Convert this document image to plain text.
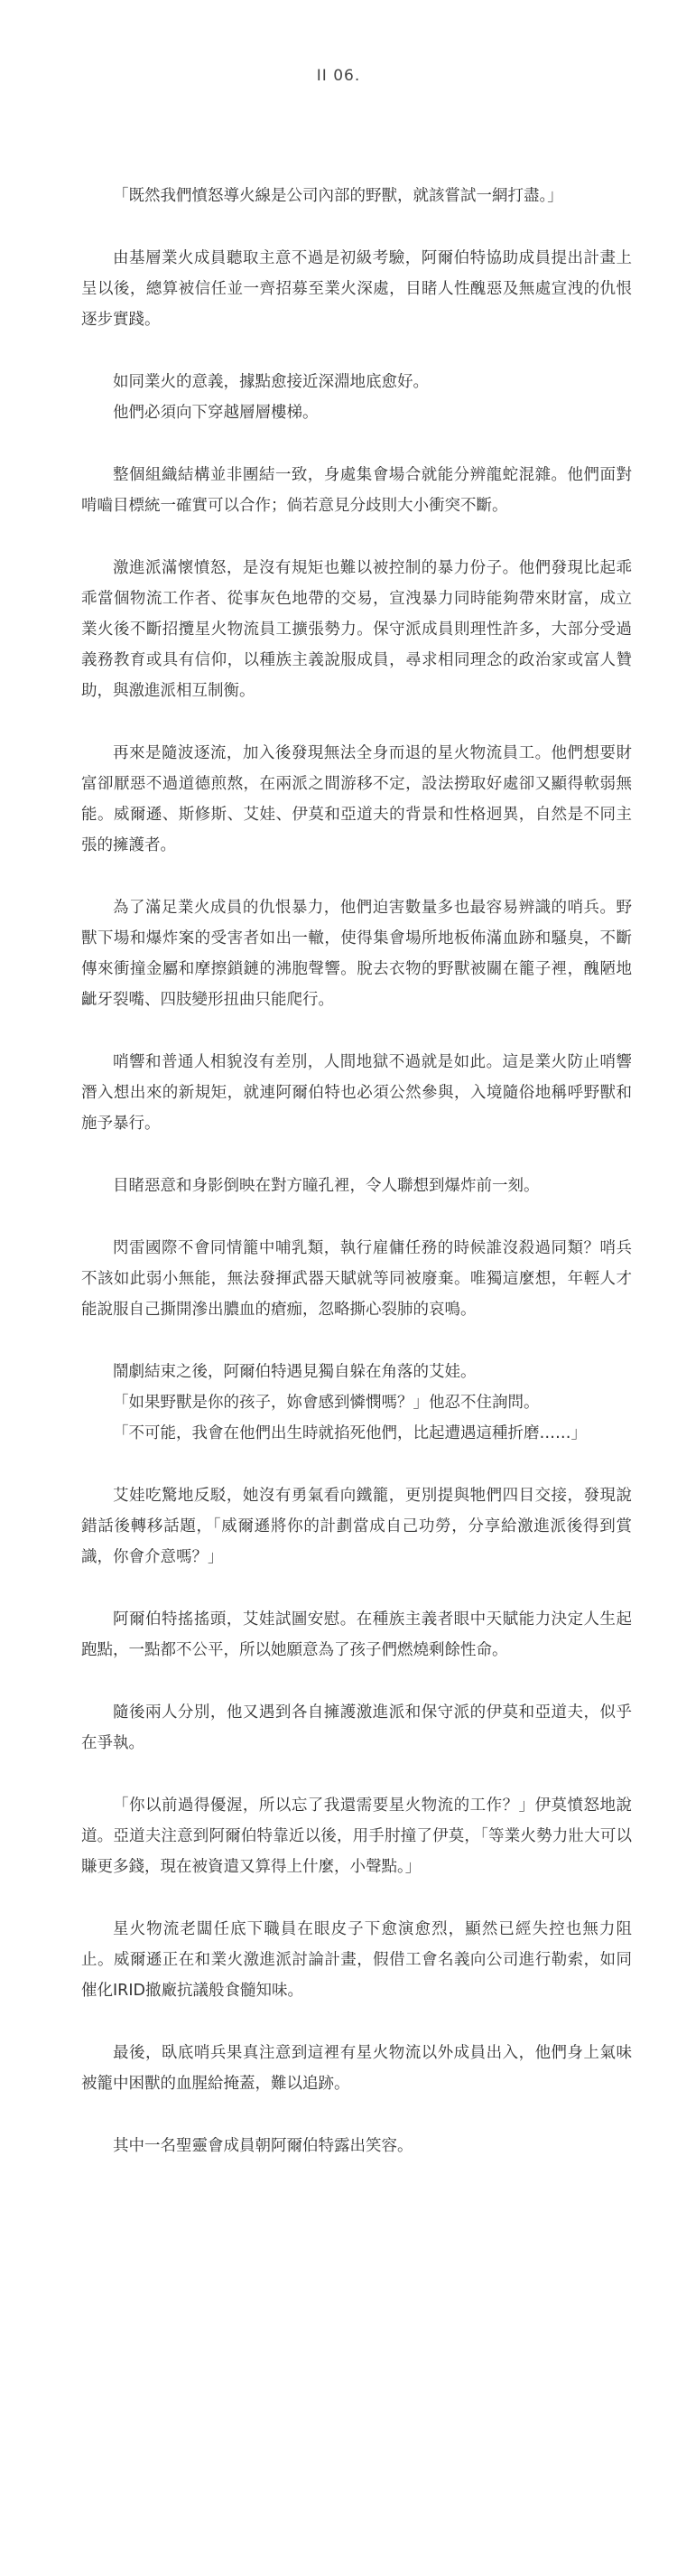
II 06.

「既然我們憤怒導火線是公司內部的野獸，就該嘗試一網打盡。」

由基層業火成員聽取主意不過是初級考驗，阿爾伯特協助成員提出計畫上呈以後，總算被信任並一齊招募至業火深處，目睹人性醜惡及無處宣洩的仇恨逐步實踐。

如同業火的意義，據點愈接近深淵地底愈好。
他們必須向下穿越層層樓梯。

整個組織結構並非團結一致，身處集會場合就能分辨龍蛇混雜。他們面對啃嚙目標統一確實可以合作；倘若意見分歧則大小衝突不斷。

激進派滿懷憤怒，是沒有規矩也難以被控制的暴力份子。他們發現比起乖乖當個物流工作者、從事灰色地帶的交易，宣洩暴力同時能夠帶來財富，成立業火後不斷招攬星火物流員工擴張勢力。保守派成員則理性許多，大部分受過義務教育或具有信仰，以種族主義說服成員，尋求相同理念的政治家或富人贊助，與激進派相互制衡。

再來是隨波逐流，加入後發現無法全身而退的星火物流員工。他們想要財富卻厭惡不過道德煎熬，在兩派之間游移不定，設法撈取好處卻又顯得軟弱無能。威爾遜、斯修斯、艾娃、伊莫和亞道夫的背景和性格迥異，自然是不同主張的擁護者。

為了滿足業火成員的仇恨暴力，他們迫害數量多也最容易辨識的哨兵。野獸下場和爆炸案的受害者如出一轍，使得集會場所地板佈滿血跡和騷臭，不斷傳來衝撞金屬和摩擦鎖鏈的沸胞聲響。脫去衣物的野獸被關在籠子裡，醜陋地齜牙裂嘴、四肢變形扭曲只能爬行。

哨響和普通人相貌沒有差別，人間地獄不過就是如此。這是業火防止哨響潛入想出來的新規矩，就連阿爾伯特也必須公然參與，入境隨俗地稱呼野獸和施予暴行。

目睹惡意和身影倒映在對方瞳孔裡，令人聯想到爆炸前一刻。

閃雷國際不會同情籠中哺乳類，執行雇傭任務的時候誰沒殺過同類？哨兵不該如此弱小無能，無法發揮武器天賦就等同被廢棄。唯獨這麼想，年輕人才能說服自己撕開滲出膿血的瘡痂，忽略撕心裂肺的哀鳴。

鬧劇結束之後，阿爾伯特遇見獨自躲在角落的艾娃。
「如果野獸是你的孩子，妳會感到憐憫嗎？」他忍不住詢問。
「不可能，我會在他們出生時就掐死他們，比起遭遇這種折磨……」

艾娃吃驚地反駁，她沒有勇氣看向鐵籠，更別提與牠們四目交接，發現說錯話後轉移話題，「威爾遜將你的計劃當成自己功勞，分享給激進派後得到賞識，你會介意嗎？」

阿爾伯特搖搖頭，艾娃試圖安慰。在種族主義者眼中天賦能力決定人生起跑點，一點都不公平，所以她願意為了孩子們燃燒剩餘性命。

隨後兩人分別，他又遇到各自擁護激進派和保守派的伊莫和亞道夫，似乎在爭執。

「你以前過得優渥，所以忘了我還需要星火物流的工作？」伊莫憤怒地說道。亞道夫注意到阿爾伯特靠近以後，用手肘撞了伊莫，「等業火勢力壯大可以賺更多錢，現在被資遣又算得上什麼，小聲點。」

星火物流老闆任底下職員在眼皮子下愈演愈烈，顯然已經失控也無力阻止。威爾遜正在和業火激進派討論計畫，假借工會名義向公司進行勒索，如同催化IRID撤廠抗議般食髓知味。

最後，臥底哨兵果真注意到這裡有星火物流以外成員出入，他們身上氣味被籠中困獸的血腥給掩蓋，難以追跡。

其中一名聖靈會成員朝阿爾伯特露出笑容。
